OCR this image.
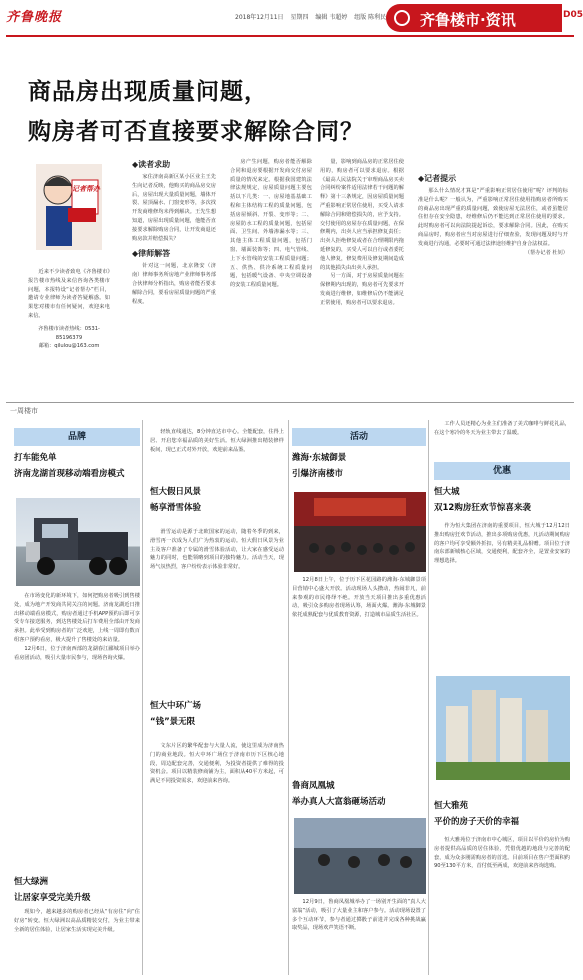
齐鲁晚报	2018年12月11日 星期四 编辑 韦超婷 组版 陈利民	齐鲁楼市·资讯	D05
商品房出现质量问题，
购房者可否直接要求解除合同？
记者帮办

近来不少读者致电《齐鲁楼市》报告楼市热线及来信咨询各类楼市问题，本报特设“记者帮办”栏目，邀请专业律师为读者答疑解惑。如果您对楼市有任何疑问，欢迎来电来信。

齐鲁楼市读者热线：0531-85196379
邮箱：qilulou@163.com
◆读者求助

家住济南高新区某小区业主王先生向记者反映，他购买的商品房交房后，房屋出现大量质量问题，墙体开裂、屋顶漏水、门窗变形等，多次找开发商维修均未得到解决。王先生想知道，房屋出现质量问题，他能否直接要求解除购房合同，让开发商退还购房款并赔偿损失？

◆律师解答

针对这一问题，北京隆安（济南）律师事务所房地产业律师事务部合伙律师分析指出，购房者能否要求解除合同，要看房屋质量问题的严重程度。

房产生问题，购房者能否解除合同和退房要根据开发商交付房屋质量的情况来定。根据我国建筑法律法规规定，房屋质量问题主要包括以下几类：一、房屋地基基础工程和主体结构工程的质量问题，包括房屋倾斜、开裂、变形等；二、房屋防水工程的质量问题，包括屋面、卫生间、外墙渗漏水等；三、其他主体工程质量问题，包括门窗、墙面装饰等；四、电气管线、上下水管线的安装工程质量问题；五、供热、供冷系统工程质量问题，包括暖气设备、中央空调设备的安装工程质量问题。

量，影响到商品房的正常居住使用的，购房者可以要求退房。根据《最高人民法院关于审理商品房买卖合同纠纷案件适用法律若干问题的解释》第十三条规定，因房屋质量问题严重影响正常居住使用，买受人请求解除合同和赔偿损失的，应予支持。交付使用的房屋存在质量问题，在保修期内，出卖人应当承担修复责任；出卖人拒绝修复或者在合理期限内拖延修复的，买受人可以自行或者委托他人修复，修复费用及修复期间造成的其他损失由出卖人承担。

另一方面，对于房屋质量问题在保修期内出现的，购房者可先要求开发商进行维修，如维修后仍不能满足正常使用，购房者可以要求退房。

◆记者提示

那么什么情况才算是“严重影响正常居住使用”呢？评判的标准是什么呢？一般认为，严重影响正常居住使用指购房者所购买的商品房出现严重的质量问题，致使房屋无法居住，或者虽能居住但存在安全隐患，经维修后仍不能达到正常居住使用的要求。此时购房者可以向法院提起诉讼，要求解除合同。因此，在购买商品房时，购房者应当对房屋进行仔细查验，发现问题及时与开发商进行沟通，必要时可通过法律途径维护自身合法权益。

（帮办记者 杜钊）
一周楼市
品牌
打车能免单
济南龙湖首现移动端看房模式

在市场变化的新环境下，如何把购房者吸引到售楼处，成为地产开发商共同关注的问题。济南龙湖近日推出移动端看房模式，购房者通过手机APP预约后即可享受专车接送服务，到达售楼处后打车费用全部由开发商承担。此举受到购房者的广泛欢迎，上线一周即有数百组客户预约看房，极大提升了售楼处的来访量。

12月6日，位于济南西部的龙湖春江郦城项目举办看房团活动，吸引大量市民参与，现场咨询火爆。

恒大绿洲
让居家享受完美升级

现如今，越来越多的购房者已经从“有房住”向“住好房”转变。恒大绿洲以高品质精装交付，为业主带来全新的居住体验，让居家生活实现完美升级。

轻轨直线通达，8分钟直达市中心。全能配套，住得上居、开启您幸福品质的美好生活。恒大绿洲推出精装修样板间，现已正式对外开放，欢迎前来品鉴。

恒大假日风景
畅享滑雪体验

滑雪运动是源于北欧国家的运动，随着冬季的到来，滑雪再一次成为人们广为热衷的运动。恒大假日风景为业主及客户准备了专属的滑雪体验活动，让大家在感受运动魅力的同时，也能领略到项目的独特魅力。活动当天，现场气氛热烈，客户纷纷表示体验非常好。

恒大中环广场
“钱”景无限

文东片区的繁华配套与大量人流，使这里成为济南热门的商业地段。恒大中环广场位于济南市历下区核心地段，周边配套完善，交通便利，为投资者提供了难得的投资机会。项目以精装修商铺为主，面积从40平方米起，可满足不同投资需求，欢迎前来咨询。

活动
潍海·东城御景
引爆济南楼市

12月8日上午，位于历下区花园路的潍海·东城御景项目营销中心盛大开放。活动现场人头攒动，热闹非凡，前来参观的市民络绎不绝。开放当天项目推出多重优惠活动，吸引众多购房者现场认筹，场面火爆。潍海·东城御景依托成熟配套与优质教育资源，打造城市品质生活社区。

鲁商凤凰城
举办真人大富翁砸场活动

12月9日，鲁商凤凰城举办了一场别开生面的“真人大富翁”活动，吸引了大量业主和客户参与。活动现场设置了多个互动环节，参与者通过掷骰子前进并完成各种挑战赢取奖品，现场欢声笑语不断。

工作人员还精心为业主们准备了美式咖啡与鲜花礼品，在这个寒冷的冬天为业主带去了温暖。

优惠
恒大城
双12购房狂欢节惊喜来袭

作为恒大集团在济南的重要项目，恒大城于12月12日推出购房狂欢节活动，推出多项购房优惠，凡活动期间购房的客户均可享受额外折扣，另有精美礼品相赠。项目位于济南东部新城核心区域，交通便利，配套齐全，是置业安家的理想选择。

恒大雅苑
平价的房子天价的幸福

恒大雅苑位于济南市中心城区，项目以平价的房价为购房者提供高品质的居住体验，凭借优越的地段与完善的配套，成为众多刚需购房者的首选。目前项目在售户型面积约90至130平方米，首付低至两成，欢迎前来咨询选购。
